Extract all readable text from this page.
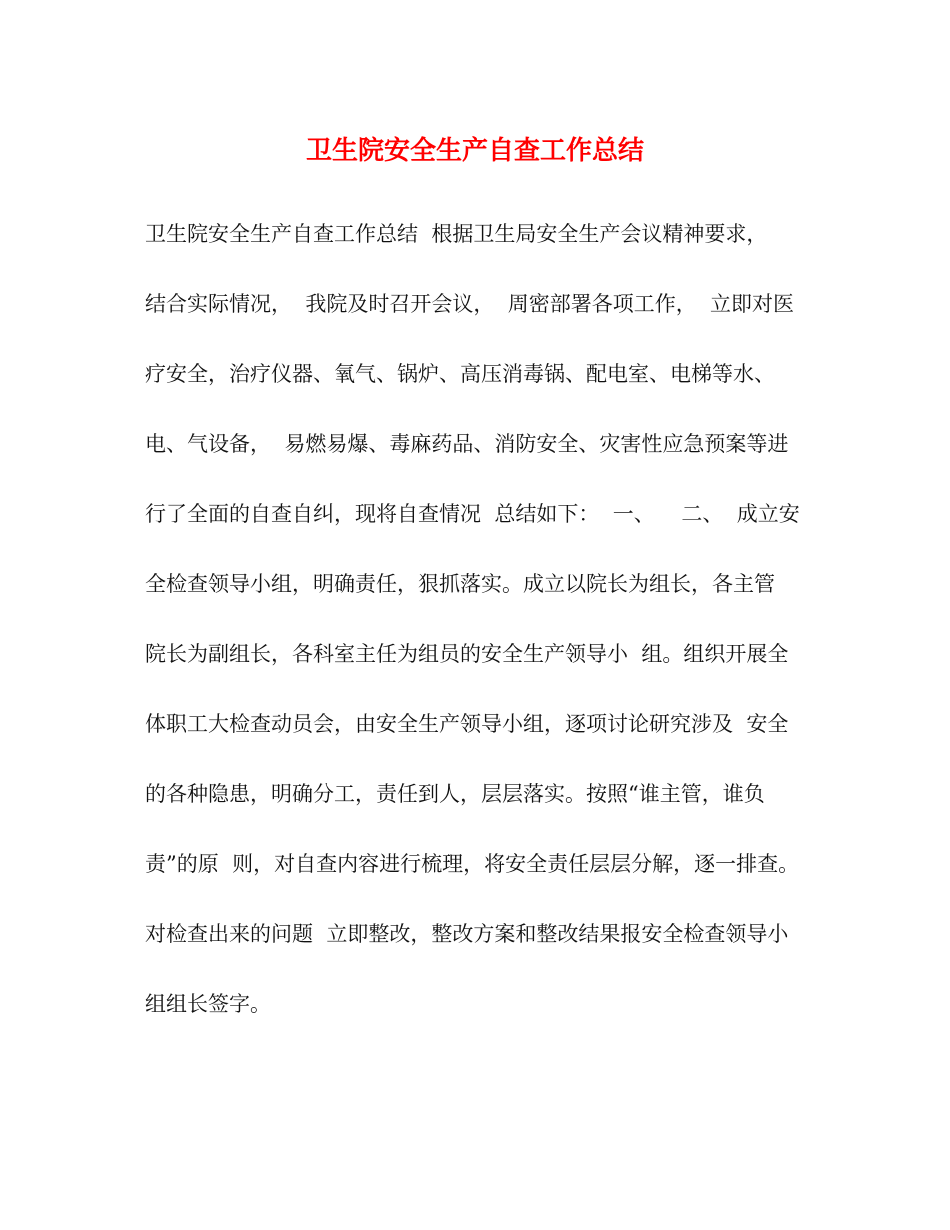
卫生院安全生产自查工作总结
卫生院安全生产自查工作总结  根据卫生局安全生产会议精神要求，
结合实际情况，  我院及时召开会议，  周密部署各项工作，  立即对医
疗安全，治疗仪器、氧气、锅炉、高压消毒锅、配电室、电梯等水、
电、气设备，  易燃易爆、毒麻药品、消防安全、灾害性应急预案等进
行了全面的自查自纠，现将自查情况  总结如下：  一、    二、  成立安
全检查领导小组，明确责任，狠抓落实。成立以院长为组长，各主管
院长为副组长，各科室主任为组员的安全生产领导小  组。组织开展全
体职工大检查动员会，由安全生产领导小组，逐项讨论研究涉及  安全
的各种隐患，明确分工，责任到人，层层落实。按照“谁主管，谁负
责”的原  则，对自查内容进行梳理，将安全责任层层分解，逐一排查。
对检查出来的问题  立即整改，整改方案和整改结果报安全检查领导小
组组长签字。
